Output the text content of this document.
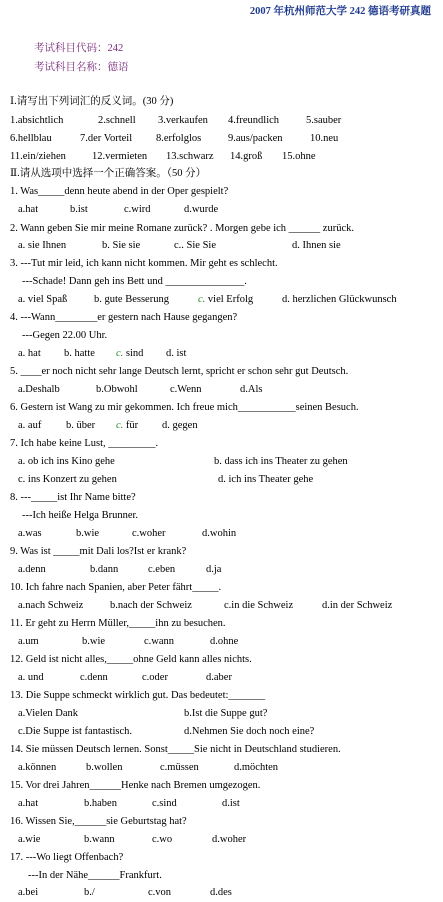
2007 年杭州师范大学 242 德语考研真题
考试科目代码：242
考试科目名称：德语
Ⅰ.请写出下列词汇的反义词。(30 分)
1.absichtlich	2.schnell 3.verkaufen 4.freundlich	5.sauber
6.hellblau	7.der Vorteil 8.erfolglos	9.aus/packen	10.neu
11.ein/ziehen 12.vermieten 13.schwarz 14.groß 15.ohne
Ⅱ.请从选项中选择一个正确答案。（50 分）
1. Was_____denn heute abend in der Oper gespielt?
a.hat	b.ist	c.wird	d.wurde
2. Wann geben Sie mir meine Romane zurück? . Morgen gebe ich ______ zurück.
a. sie Ihnen	b. Sie sie	c.. Sie Sie	d. Ihnen sie
3. ---Tut mir leid, ich kann nicht kommen. Mir geht es schlecht.
---Schade! Dann geh ins Bett und _______________.
a. viel Spaß	b. gute Besserung	c. viel Erfolg	d. herzlichen Glückwunsch
4. ---Wann________er gestern nach Hause gegangen?
---Gegen 22.00 Uhr.
a. hat b. hatte c. sind d. ist
5. ____er noch nicht sehr lange Deutsch lernt, spricht er schon sehr gut Deutsch.
a.Deshalb	b.Obwohl	c.Wenn	d.Als
6. Gestern ist Wang zu mir gekommen. Ich freue mich___________seinen Besuch.
a. auf b. über c. für d. gegen
7. Ich habe keine Lust, _________.
a. ob ich ins Kino gehe	b. dass ich ins Theater zu gehen
c. ins Konzert zu gehen	d. ich ins Theater gehe
8. ---_____ist Ihr Name bitte?
---Ich heiße Helga Brunner.
a.was	b.wie	c.woher	d.wohin
9. Was ist _____mit Dali los?Ist er krank?
a.denn	b.dann	c.eben	d.ja
10. Ich fahre nach Spanien, aber Peter fährt_____.
a.nach Schweiz	b.nach der Schweiz	c.in die Schweiz	d.in der Schweiz
11. Er geht zu Herrn Müller,_____ihn zu besuchen.
a.um	b.wie	c.wann	d.ohne
12. Geld ist nicht alles,_____ohne Geld kann alles nichts.
a. und	c.denn	c.oder	d.aber
13. Die Suppe schmeckt wirklich gut. Das bedeutet:_______
a.Vielen Dank	b.Ist die Suppe gut?
c.Die Suppe ist fantastisch.	d.Nehmen Sie doch noch eine?
14. Sie müssen Deutsch lernen. Sonst_____Sie nicht in Deutschland studieren.
a.können	b.wollen	c.müssen	d.möchten
15. Vor drei Jahren______Henke nach Bremen umgezogen.
a.hat	b.haben	c.sind	d.ist
16. Wissen Sie,______sie Geburtstag hat?
a.wie	b.wann	c.wo	d.woher
17. ---Wo liegt Offenbach?
---In der Nähe______Frankfurt.
a.bei	b./	c.von	d.des
